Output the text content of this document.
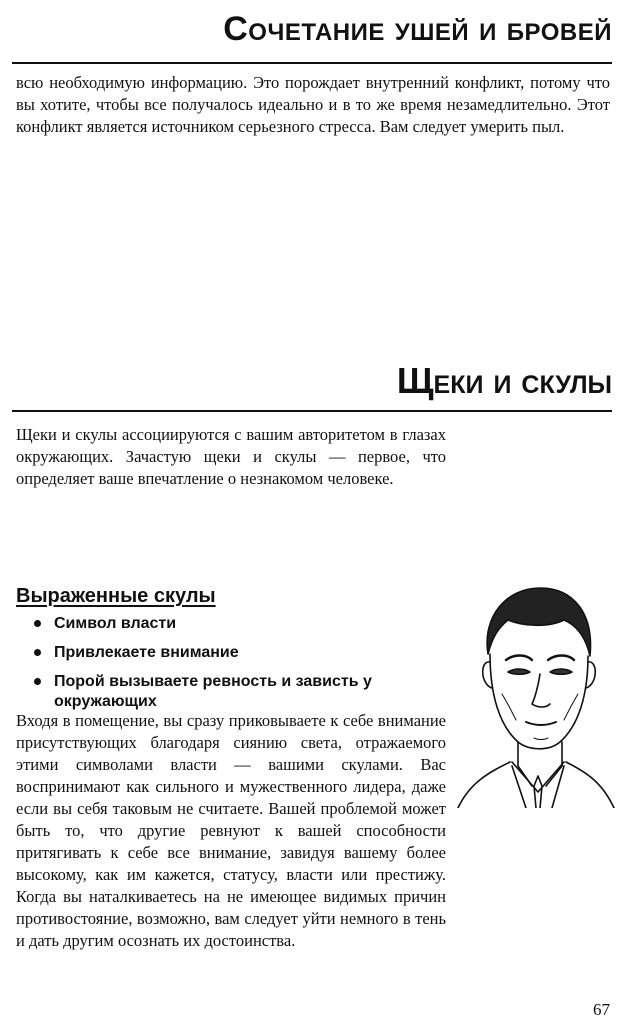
Сочетание ушей и бровей

всю необходимую информацию. Это порождает внутренний конфликт, потому что вы хотите, чтобы все получалось идеально и в то же время незамедлительно. Этот конфликт является источником серьезного стресса. Вам следует умерить пыл.

Щеки и скулы

Щеки и скулы ассоциируются с вашим авторитетом в глазах окружающих. Зачастую щеки и скулы — первое, что определяет ваше впечатление о незнакомом человеке.

Выраженные скулы
Символ власти
Привлекаете внимание
Порой вызываете ревность и зависть у окружающих

Входя в помещение, вы сразу приковываете к себе внимание присутствующих благодаря сиянию света, отражаемого этими символами власти — вашими скулами. Вас воспринимают как сильного и мужественного лидера, даже если вы себя таковым не считаете. Вашей проблемой может быть то, что другие ревнуют к вашей способности притягивать к себе все внимание, завидуя вашему более высокому, как им кажется, статусу, власти или престижу. Когда вы наталкиваетесь на не имеющее видимых причин противостояние, возможно, вам следует уйти немного в тень и дать другим осознать их достоинства.

67
